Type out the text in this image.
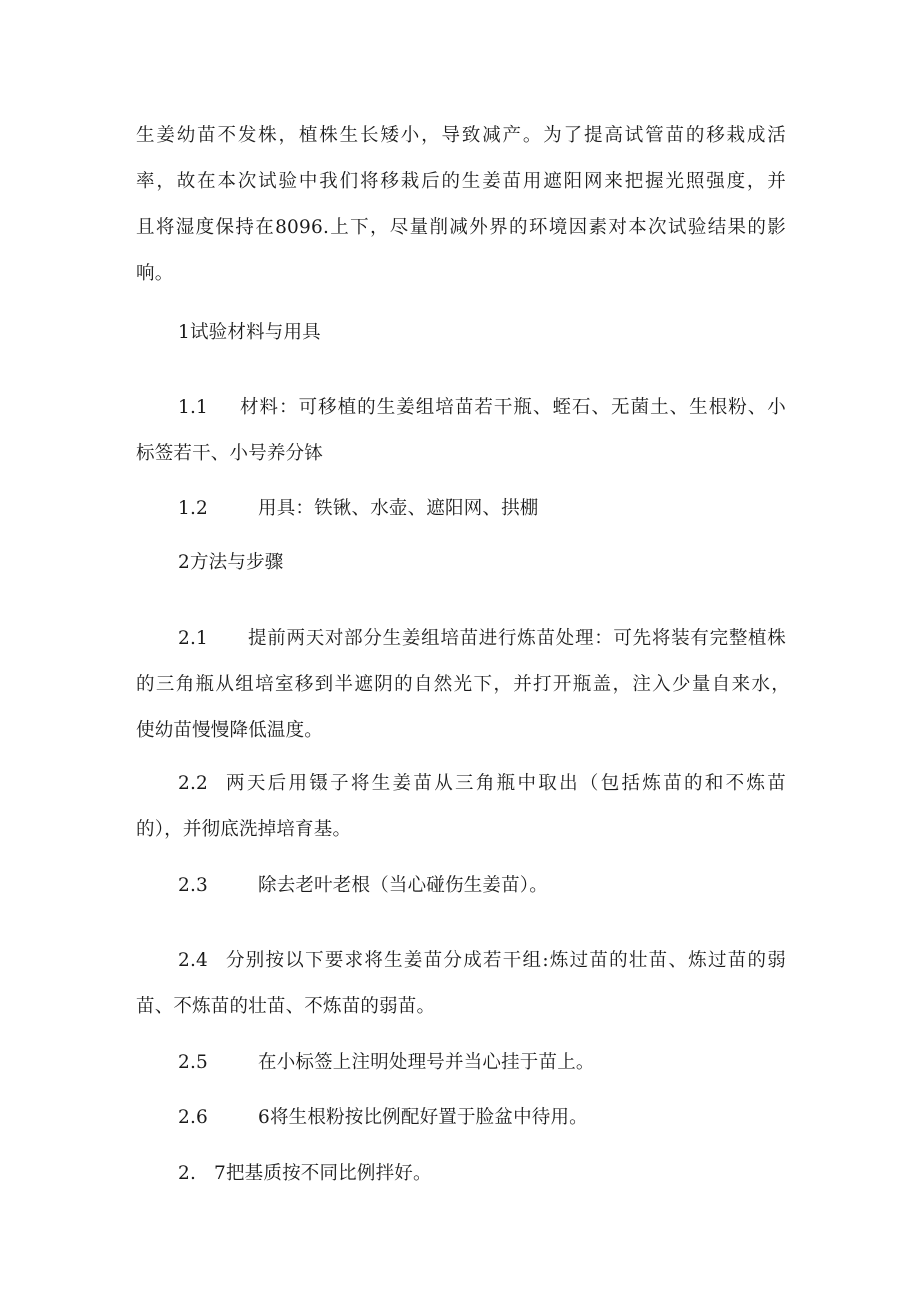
生姜幼苗不发株，植株生长矮小，导致减产。为了提高试管苗的移栽成活
率，故在本次试验中我们将移栽后的生姜苗用遮阳网来把握光照强度，并
且将湿度保持在8096.上下，尽量削减外界的环境因素对本次试验结果的影
响。
1试验材料与用具
1.1 材料：可移植的生姜组培苗若干瓶、蛭石、无菌土、生根粉、小
标签若干、小号养分钵
1.2	用具：铁锹、水壶、遮阳网、拱棚
2方法与步骤
2.1 提前两天对部分生姜组培苗进行炼苗处理：可先将装有完整植株
的三角瓶从组培室移到半遮阴的自然光下，并打开瓶盖，注入少量自来水，
使幼苗慢慢降低温度。
2.2 两天后用镊子将生姜苗从三角瓶中取出（包括炼苗的和不炼苗
的），并彻底洗掉培育基。
2.3	除去老叶老根（当心碰伤生姜苗）。
2.4 分别按以下要求将生姜苗分成若干组:炼过苗的壮苗、炼过苗的弱
苗、不炼苗的壮苗、不炼苗的弱苗。
2.5	在小标签上注明处理号并当心挂于苗上。
2.6	6将生根粉按比例配好置于脸盆中待用。
2. 7把基质按不同比例拌好。
